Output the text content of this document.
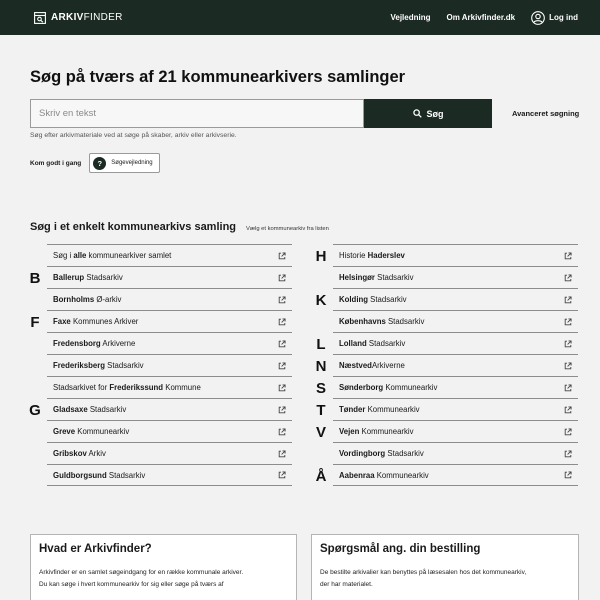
ARKIVFINDER	Vejledning Om Arkivfinder.dk	Log ind
Søg på tværs af 21 kommunearkivers samlinger
Skriv en tekst
Søg	Avanceret søgning

Søg efter arkivmateriale ved at søge på skaber, arkiv eller arkivserie.

Kom godt i gang	?	Søgevejledning
Søg i et enkelt kommunearkivs samling Vælg et kommunearkiv fra listen
Søg i alle kommunearkiver samlet
B Ballerup Stadsarkiv
Bornholms Ø-arkiv
F	Faxe Kommunes Arkiver
Fredensborg Arkiverne
Frederiksberg Stadsarkiv
Stadsarkivet for Frederikssund Kommune
G Gladsaxe Stadsarkiv
Greve Kommunearkiv
Gribskov Arkiv
Guldborgsund Stadsarkiv
H Historie Haderslev
Helsingør Stadsarkiv
K Kolding Stadsarkiv
Københavns Stadsarkiv
L	Lolland Stadsarkiv
N NæstvedArkiverne
S Sønderborg Kommunearkiv
T	Tønder Kommunearkiv
V Vejen Kommunearkiv
Vordingborg Stadsarkiv
Å Aabenraa Kommunearkiv
Hvad er Arkivfinder?

Arkivfinder er en samlet søgeindgang for en række kommunale arkiver.

Du kan søge i hvert kommunearkiv for sig eller søge på tværs af

Spørgsmål ang. din bestilling

De bestilte arkivalier kan benyttes på læsesalen hos det kommunearkiv,

der har materialet.
